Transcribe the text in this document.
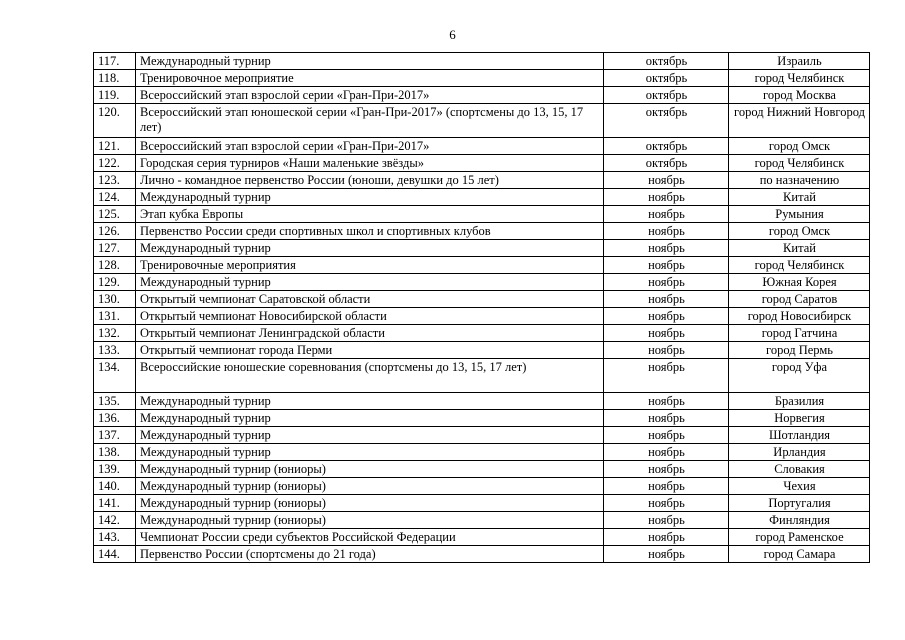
6
117.	Международный турнир	октябрь	Израиль
118.	Тренировочное мероприятие	октябрь	город Челябинск
119.	Всероссийский этап взрослой серии «Гран-При-2017»	октябрь	город Москва
120.	Всероссийский этап юношеской серии «Гран-При-2017» (спортсмены до 13, 15, 17 лет)	октябрь	город Нижний Новгород
121.	Всероссийский этап взрослой серии «Гран-При-2017»	октябрь	город Омск
122.	Городская серия турниров «Наши маленькие звёзды»	октябрь	город Челябинск
123.	Лично - командное первенство России (юноши, девушки до 15 лет)	ноябрь	по назначению
124.	Международный турнир	ноябрь	Китай
125.	Этап кубка Европы	ноябрь	Румыния
126.	Первенство России среди спортивных школ и спортивных клубов	ноябрь	город Омск
127.	Международный турнир	ноябрь	Китай
128.	Тренировочные мероприятия	ноябрь	город Челябинск
129.	Международный турнир	ноябрь	Южная Корея
130.	Открытый чемпионат Саратовской области	ноябрь	город Саратов
131.	Открытый чемпионат Новосибирской области	ноябрь	город Новосибирск
132.	Открытый чемпионат Ленинградской области	ноябрь	город Гатчина
133.	Открытый чемпионат города Перми	ноябрь	город Пермь
134.	Всероссийские юношеские соревнования (спортсмены до 13, 15, 17 лет)	ноябрь	город Уфа
135.	Международный турнир	ноябрь	Бразилия
136.	Международный турнир	ноябрь	Норвегия
137.	Международный турнир	ноябрь	Шотландия
138.	Международный турнир	ноябрь	Ирландия
139.	Международный турнир (юниоры)	ноябрь	Словакия
140.	Международный турнир (юниоры)	ноябрь	Чехия
141.	Международный турнир (юниоры)	ноябрь	Португалия
142.	Международный турнир (юниоры)	ноябрь	Финляндия
143.	Чемпионат России среди субъектов Российской Федерации	ноябрь	город Раменское
144.	Первенство России (спортсмены до 21 года)	ноябрь	город Самара
